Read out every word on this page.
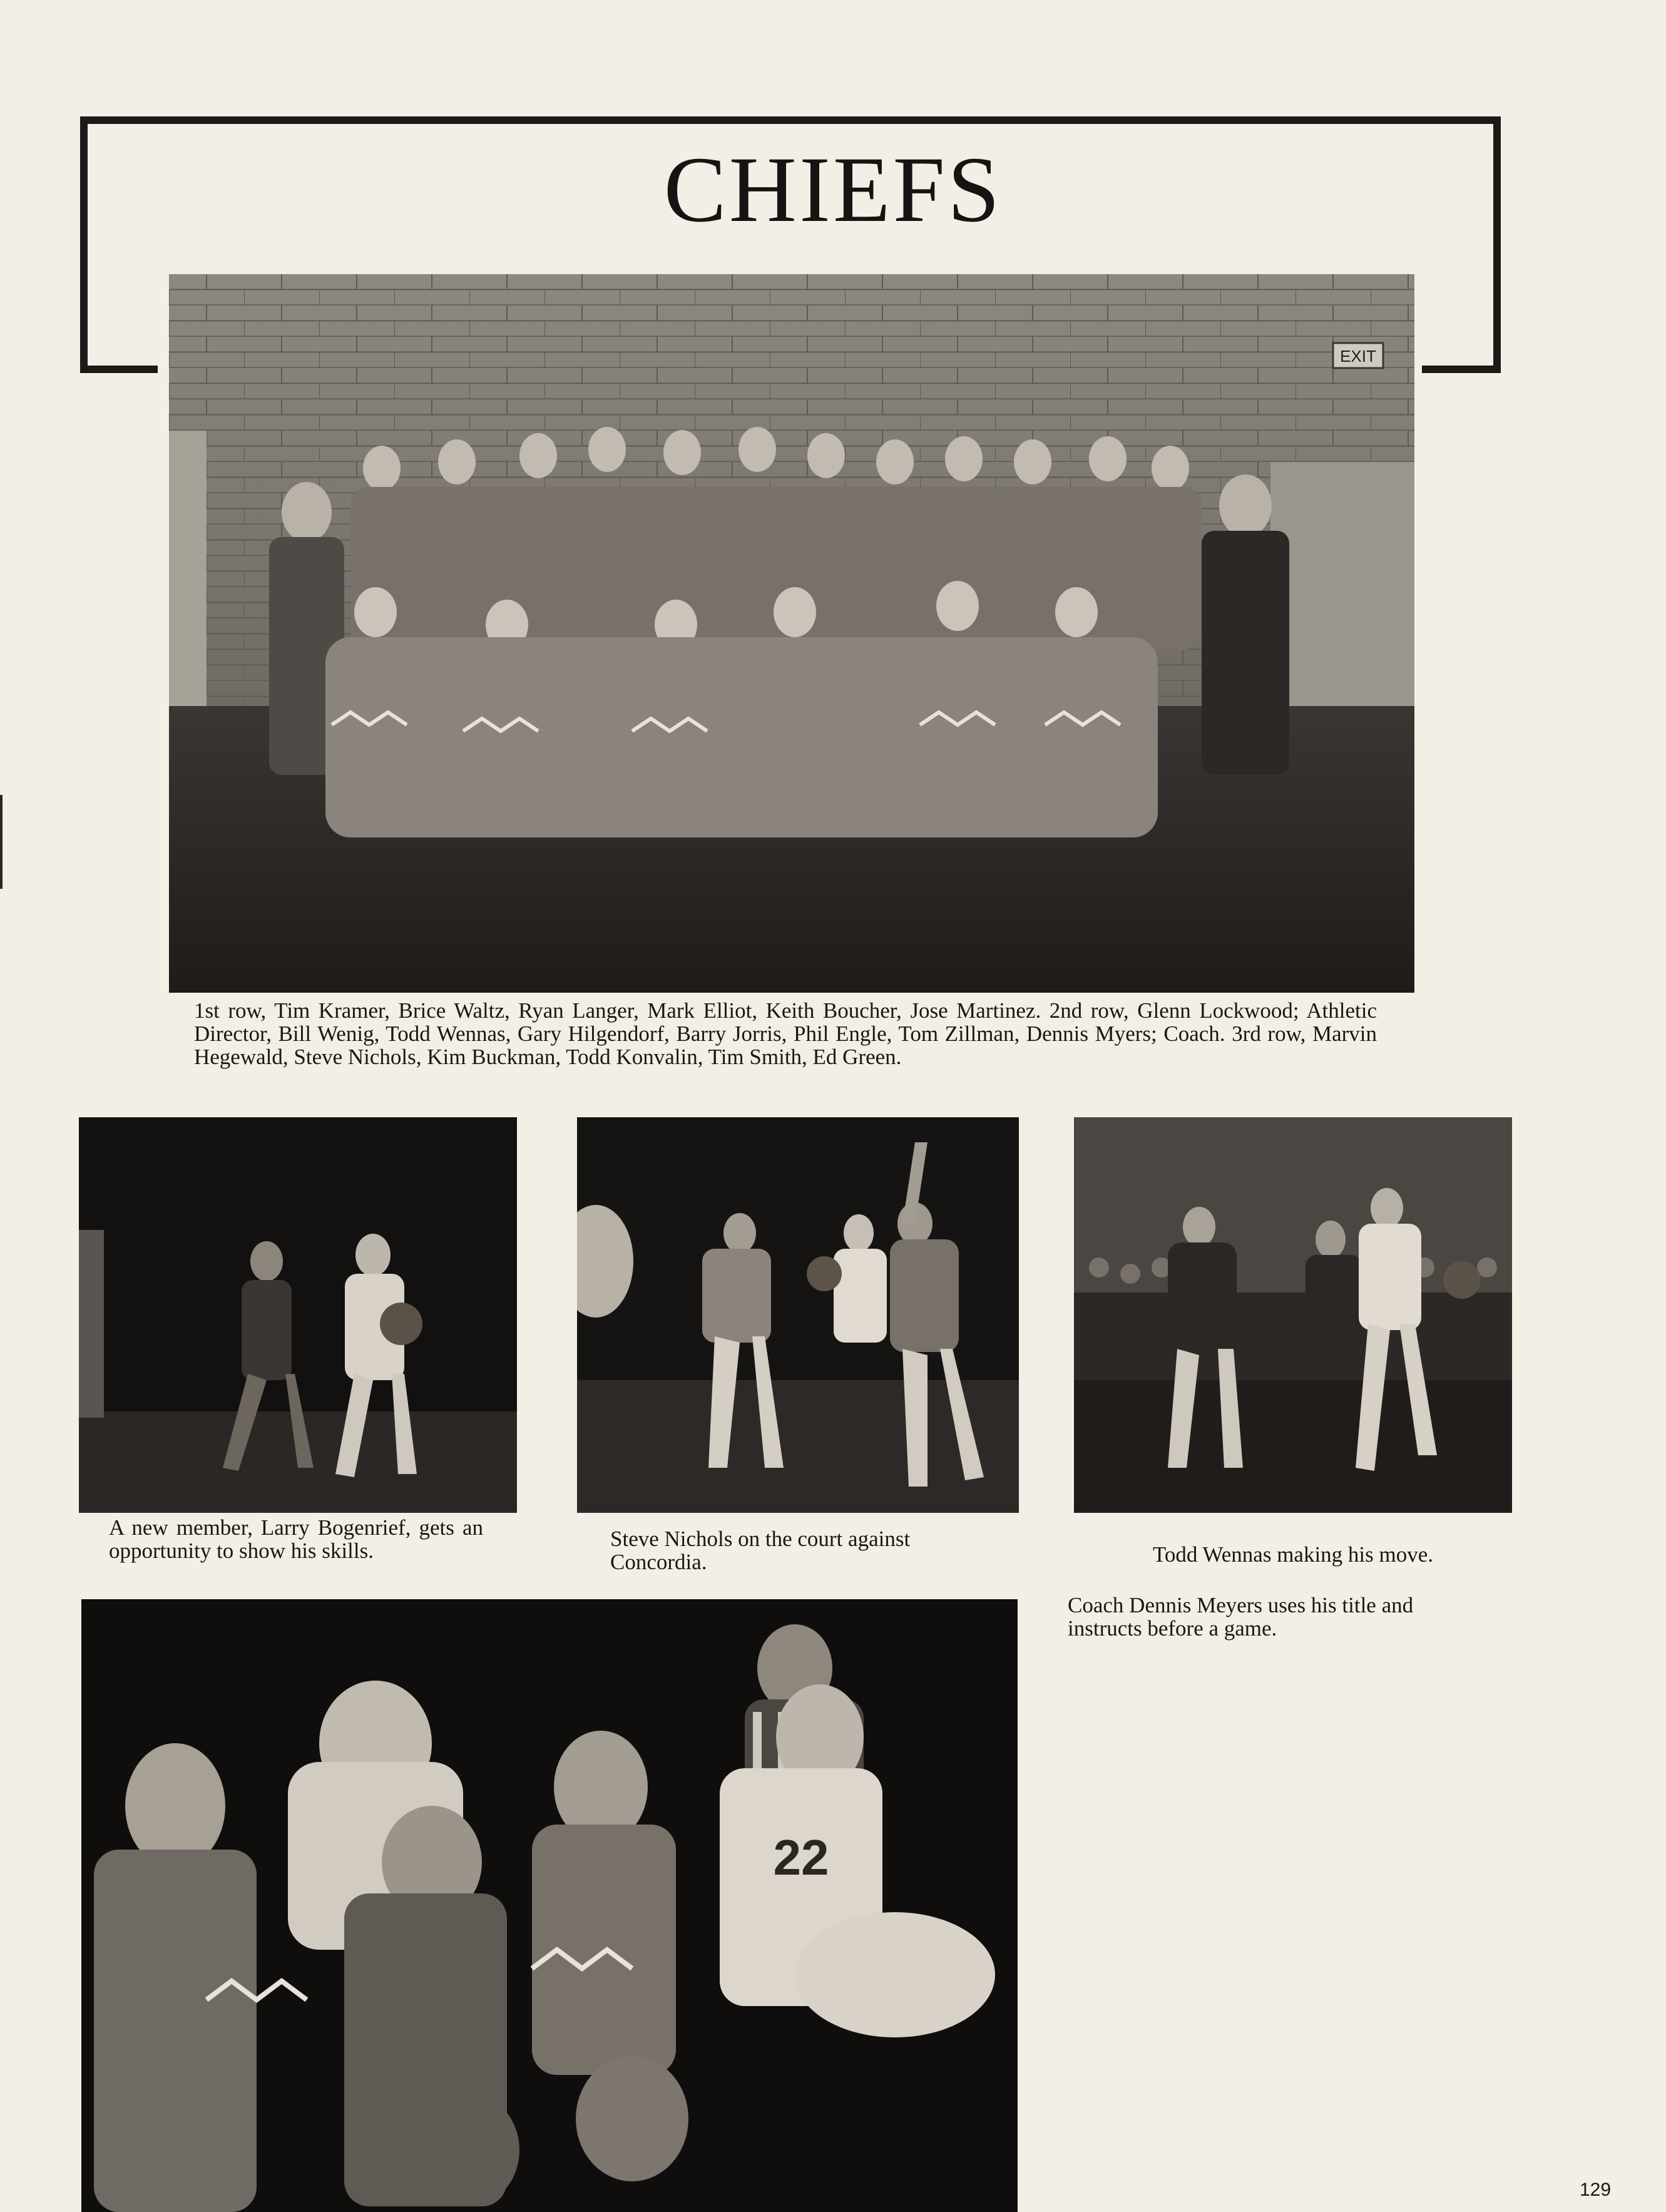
CHIEFS
EXIT
1st row, Tim Kramer, Brice Waltz, Ryan Langer, Mark Elliot, Keith Boucher, Jose Martinez. 2nd row, Glenn Lockwood; Athletic Director, Bill Wenig, Todd Wennas, Gary Hilgendorf, Barry Jorris, Phil Engle, Tom Zillman, Dennis Myers; Coach. 3rd row, Marvin Hegewald, Steve Nichols, Kim Buckman, Todd Konvalin, Tim Smith, Ed Green.
A new member, Larry Bogenrief, gets an opportunity to show his skills.	Steve Nichols on the court against Concordia.	Todd Wennas making his move.
Coach Dennis Meyers uses his title and instructs before a game.
22
129
